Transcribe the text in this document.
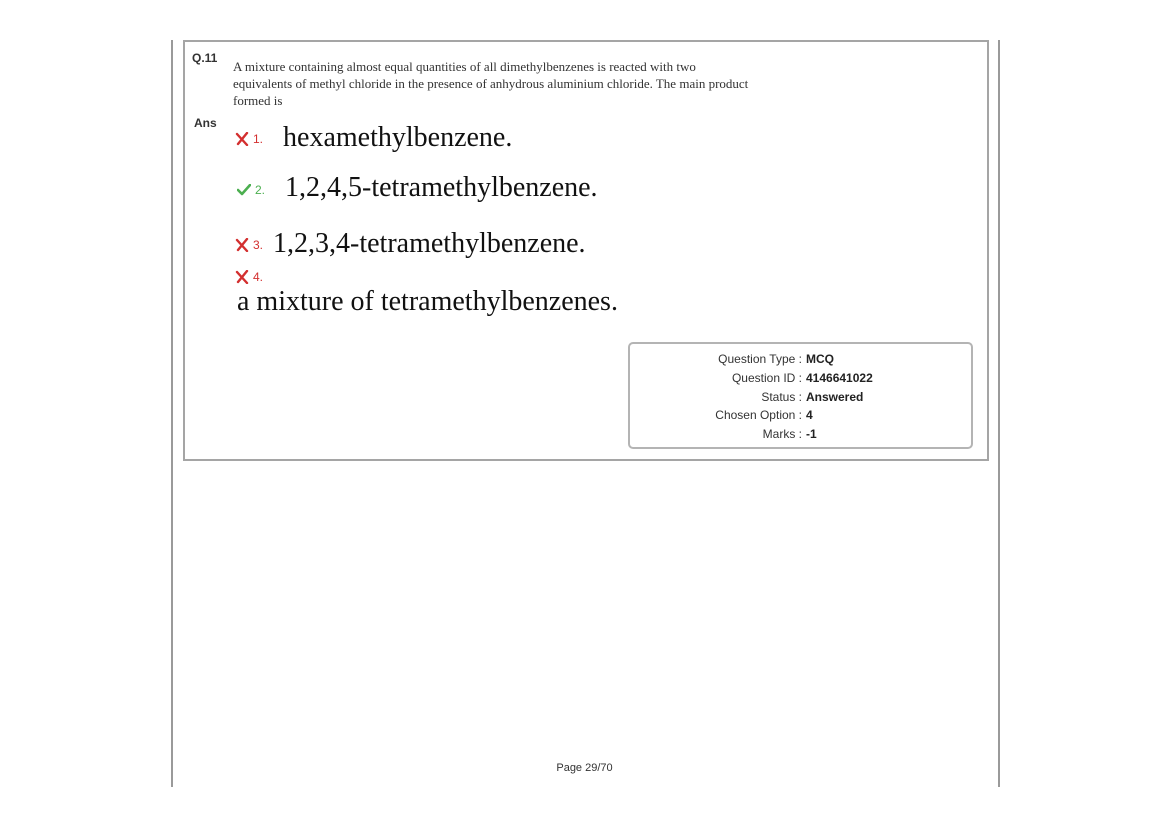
Q.11
A mixture containing almost equal quantities of all dimethylbenzenes is reacted with two equivalents of methyl chloride in the presence of anhydrous aluminium chloride. The main product formed is
Ans
1. hexamethylbenzene.
2. 1,2,4,5-tetramethylbenzene.
3. 1,2,3,4-tetramethylbenzene.
4.
a mixture of tetramethylbenzenes.
Question Type : MCQ
Question ID : 4146641022
Status : Answered
Chosen Option : 4
Marks : -1
Page 29/70
